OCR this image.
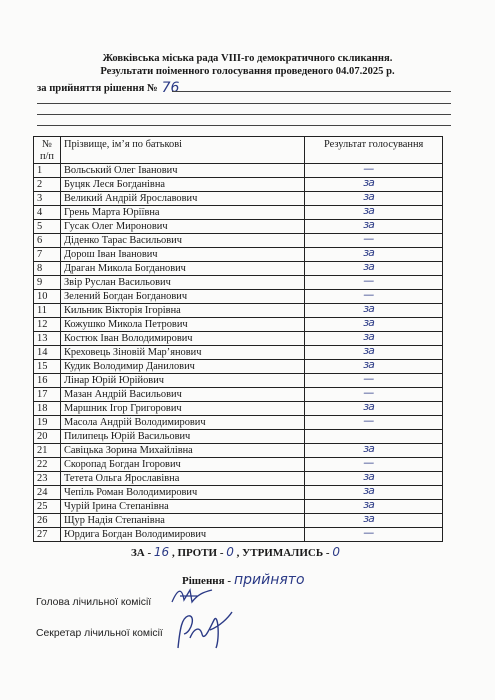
Жовківська міська рада VIII-го демократичного скликання.
Результати поіменного голосування проведеного 04.07.2025 р.
за прийняття рішення № 76
№ п/п	Прізвище, ім’я по батькові	Результат голосування
1	Вольський Олег Іванович	—

2	Буцяк Леся Богданівна	за

3	Великий Андрій Ярославович	за

4	Грень Марта Юріївна	за

5	Гусак Олег Миронович	за

6	Діденко Тарас Васильович	—

7	Дорош Іван Іванович	за

8	Драган Микола Богданович	за

9	Звір Руслан Васильович	—

10	Зелений Богдан Богданович	—

11	Кильник Вікторія Ігорівна	за

12	Кожушко Микола Петрович	за

13	Костюк Іван Володимирович	за

14	Креховець Зіновій Мар’янович	за

15	Кудик Володимир Данилович	за

16	Лінар Юрій Юрійович	—

17	Мазан Андрій Васильович	—

18	Маршник Ігор Григорович	за

19	Масола Андрій Володимирович	—

20	Пилипець Юрій Васильович	

21	Савіцька Зорина Михайлівна	за

22	Скоропад Богдан Ігорович	—

23	Тетета Ольга Ярославівна	за

24	Чепіль Роман Володимирович	за

25	Чурій Ірина Степанівна	за

26	Щур Надія Степанівна	за

27	Юрдига Богдан Володимирович	—
ЗА - 16 , ПРОТИ - 0 , УТРИМАЛИСЬ - 0
Рішення - прийнято
Голова лічильної комісії
Секретар лічильної комісії
